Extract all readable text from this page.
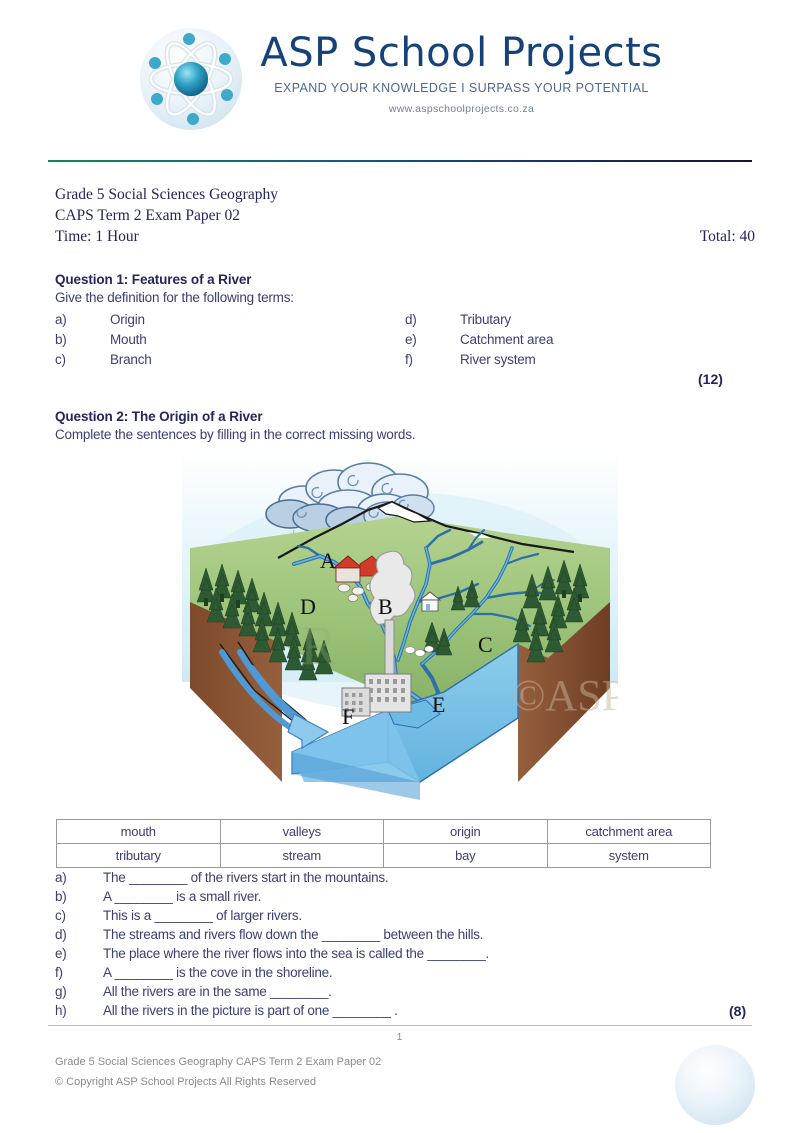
ASP School Projects
EXPAND YOUR KNOWLEDGE I SURPASS YOUR POTENTIAL
www.aspschoolprojects.co.za
Grade 5 Social Sciences Geography
CAPS Term 2 Exam Paper 02
Time: 1 Hour	Total: 40
Question 1: Features of a River
Give the definition for the following terms:
a)	Origin
b)	Mouth
c)	Branch
d)	Tributary
e)	Catchment area
f)	River system
(12)
Question 2: The Origin of a River
Complete the sentences by filling in the correct missing words.
©ASP
R
A
B
C
D
E
F
mouth	valleys	origin	catchment area
tributary	stream	bay	system
a)	The ________ of the rivers start in the mountains.
b)	A ________ is a small river.
c)	This is a ________ of larger rivers.
d)	The streams and rivers flow down the ________ between the hills.
e)	The place where the river flows into the sea is called the ________.
f)	A ________ is the cove in the shoreline.
g)	All the rivers are in the same ________.
h)	All the rivers in the picture is part of one ________ .	(8)
1
Grade 5 Social Sciences Geography CAPS Term 2 Exam Paper 02
© Copyright ASP School Projects All Rights Reserved
